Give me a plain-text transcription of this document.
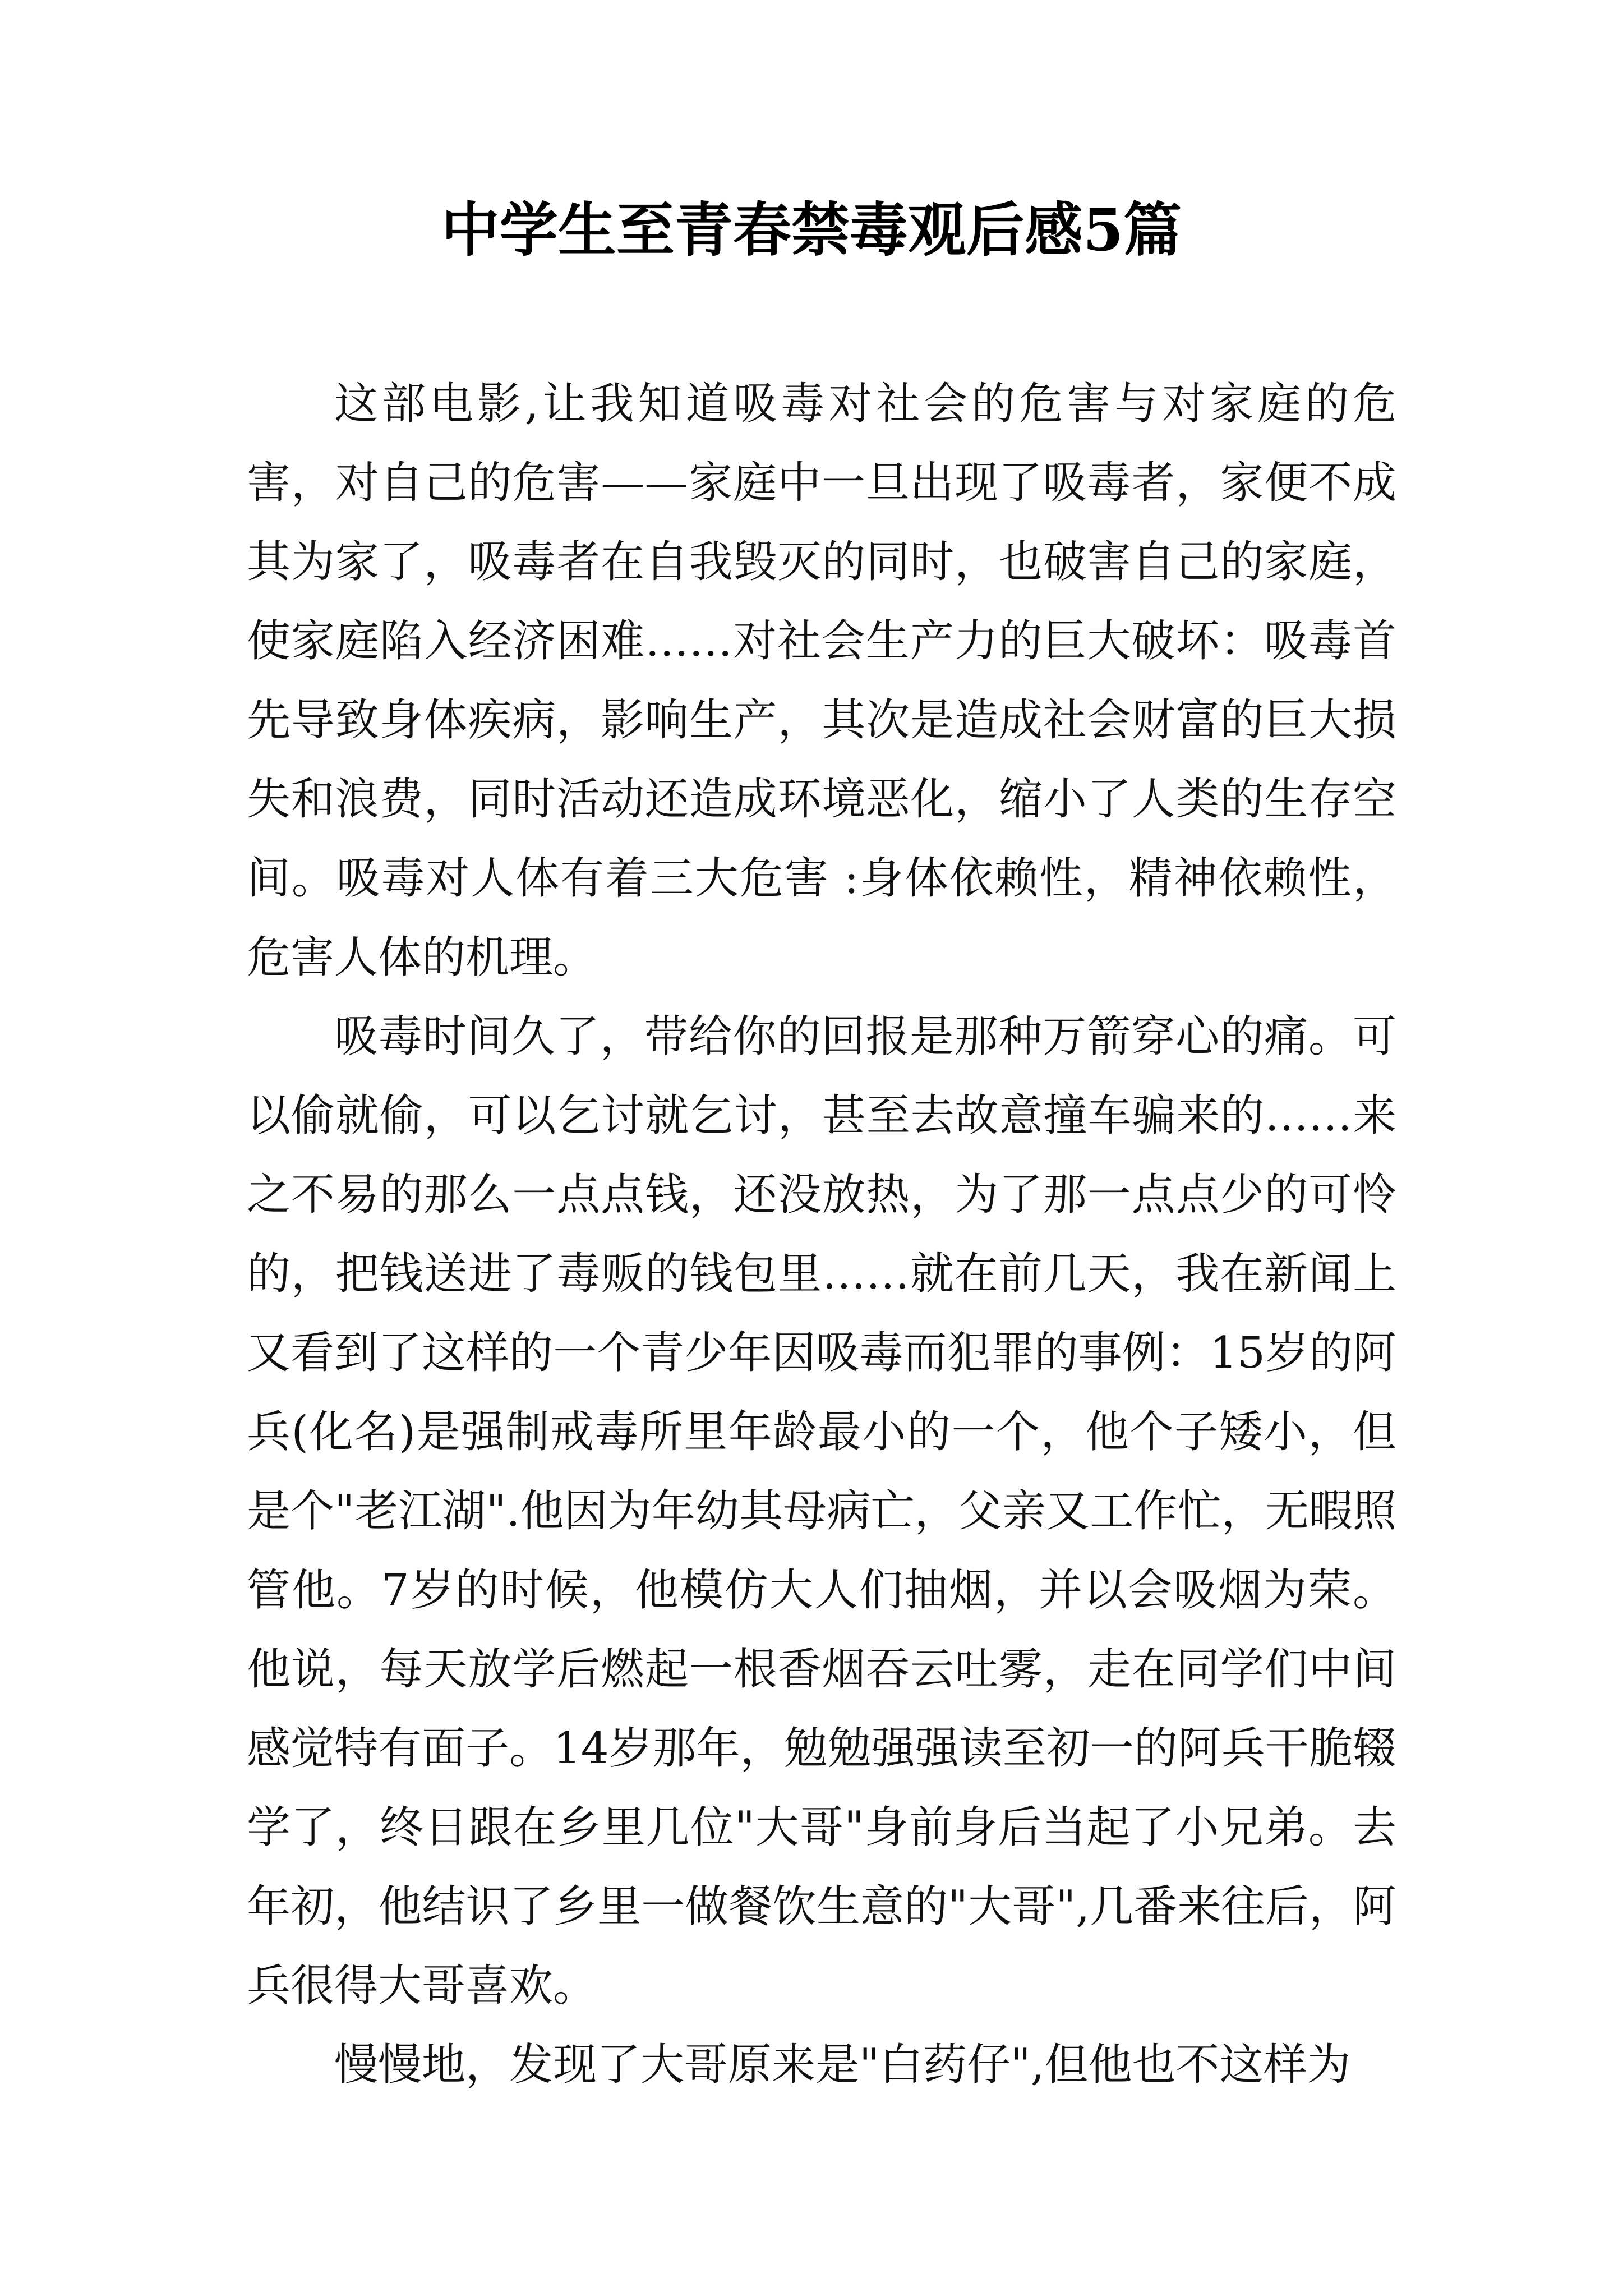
中学生至青春禁毒观后感5篇

这部电影,让我知道吸毒对社会的危害与对家庭的危害，对自己的危害——家庭中一旦出现了吸毒者，家便不成其为家了，吸毒者在自我毁灭的同时，也破害自己的家庭，使家庭陷入经济困难……对社会生产力的巨大破坏：吸毒首先导致身体疾病，影响生产，其次是造成社会财富的巨大损失和浪费，同时活动还造成环境恶化，缩小了人类的生存空间。吸毒对人体有着三大危害 :身体依赖性，精神依赖性，危害人体的机理。

吸毒时间久了，带给你的回报是那种万箭穿心的痛。可以偷就偷，可以乞讨就乞讨，甚至去故意撞车骗来的……来之不易的那么一点点钱，还没放热，为了那一点点少的可怜的，把钱送进了毒贩的钱包里……就在前几天，我在新闻上又看到了这样的一个青少年因吸毒而犯罪的事例：15岁的阿兵(化名)是强制戒毒所里年龄最小的一个，他个子矮小，但是个"老江湖".他因为年幼其母病亡，父亲又工作忙，无暇照管他。7岁的时候，他模仿大人们抽烟，并以会吸烟为荣。他说，每天放学后燃起一根香烟吞云吐雾，走在同学们中间感觉特有面子。14岁那年，勉勉强强读至初一的阿兵干脆辍学了，终日跟在乡里几位"大哥"身前身后当起了小兄弟。去年初，他结识了乡里一做餐饮生意的"大哥",几番来往后，阿兵很得大哥喜欢。

慢慢地，发现了大哥原来是"白药仔",但他也不这样为
